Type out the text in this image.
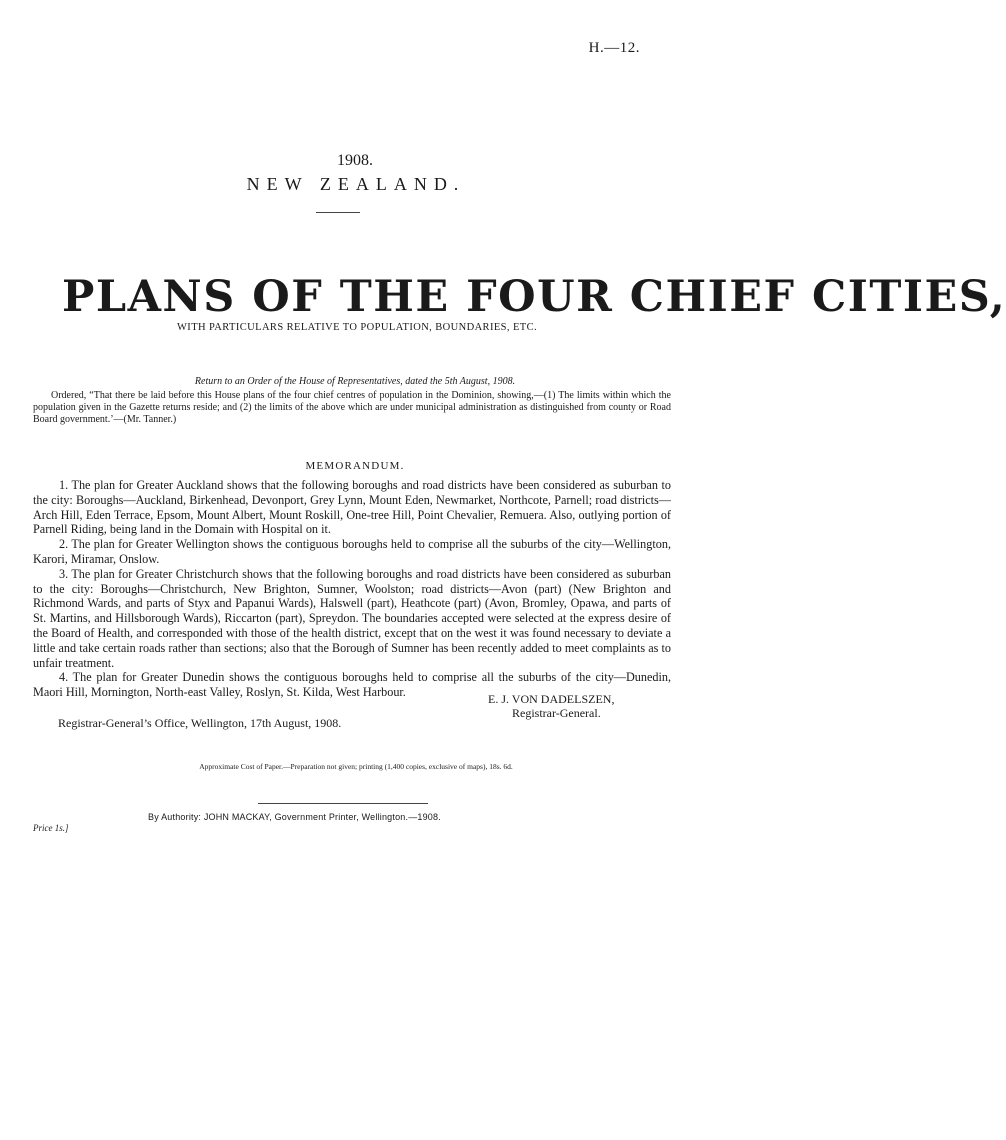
H.—12.
1908.
NEW ZEALAND.
PLANS OF THE FOUR CHIEF CITIES,
WITH PARTICULARS RELATIVE TO POPULATION, BOUNDARIES, ETC.
Return to an Order of the House of Representatives, dated the 5th August, 1908.
Ordered, “That there be laid before this House plans of the four chief centres of population in the Dominion, showing,—(1) The limits within which the population given in the Gazette returns reside; and (2) the limits of the above which are under municipal administration as distinguished from county or Road Board government.’—(Mr. Tanner.)
MEMORANDUM.

1. The plan for Greater Auckland shows that the following boroughs and road districts have been considered as suburban to the city: Boroughs—Auckland, Birkenhead, Devonport, Grey Lynn, Mount Eden, Newmarket, Northcote, Parnell; road districts—Arch Hill, Eden Terrace, Epsom, Mount Albert, Mount Roskill, One-tree Hill, Point Chevalier, Remuera. Also, outlying portion of Parnell Riding, being land in the Domain with Hospital on it.

2. The plan for Greater Wellington shows the contiguous boroughs held to comprise all the suburbs of the city—Wellington, Karori, Miramar, Onslow.

3. The plan for Greater Christchurch shows that the following boroughs and road districts have been considered as suburban to the city: Boroughs—Christchurch, New Brighton, Sumner, Woolston; road districts—Avon (part) (New Brighton and Richmond Wards, and parts of Styx and Papanui Wards), Halswell (part), Heathcote (part) (Avon, Bromley, Opawa, and parts of St. Martins, and Hillsborough Wards), Riccarton (part), Spreydon. The boundaries accepted were selected at the express desire of the Board of Health, and corresponded with those of the health district, except that on the west it was found necessary to deviate a little and take certain roads rather than sections; also that the Borough of Sumner has been recently added to meet complaints as to unfair treatment.

4. The plan for Greater Dunedin shows the contiguous boroughs held to comprise all the suburbs of the city—Dunedin, Maori Hill, Mornington, North-east Valley, Roslyn, St. Kilda, West Harbour.	E. J. VON DADELSZEN,
Registrar-General.
Registrar-General’s Office, Wellington, 17th August, 1908.
Approximate Cost of Paper.—Preparation not given; printing (1,400 copies, exclusive of maps), 18s. 6d.
By Authority: JOHN MACKAY, Government Printer, Wellington.—1908.
Price 1s.]
